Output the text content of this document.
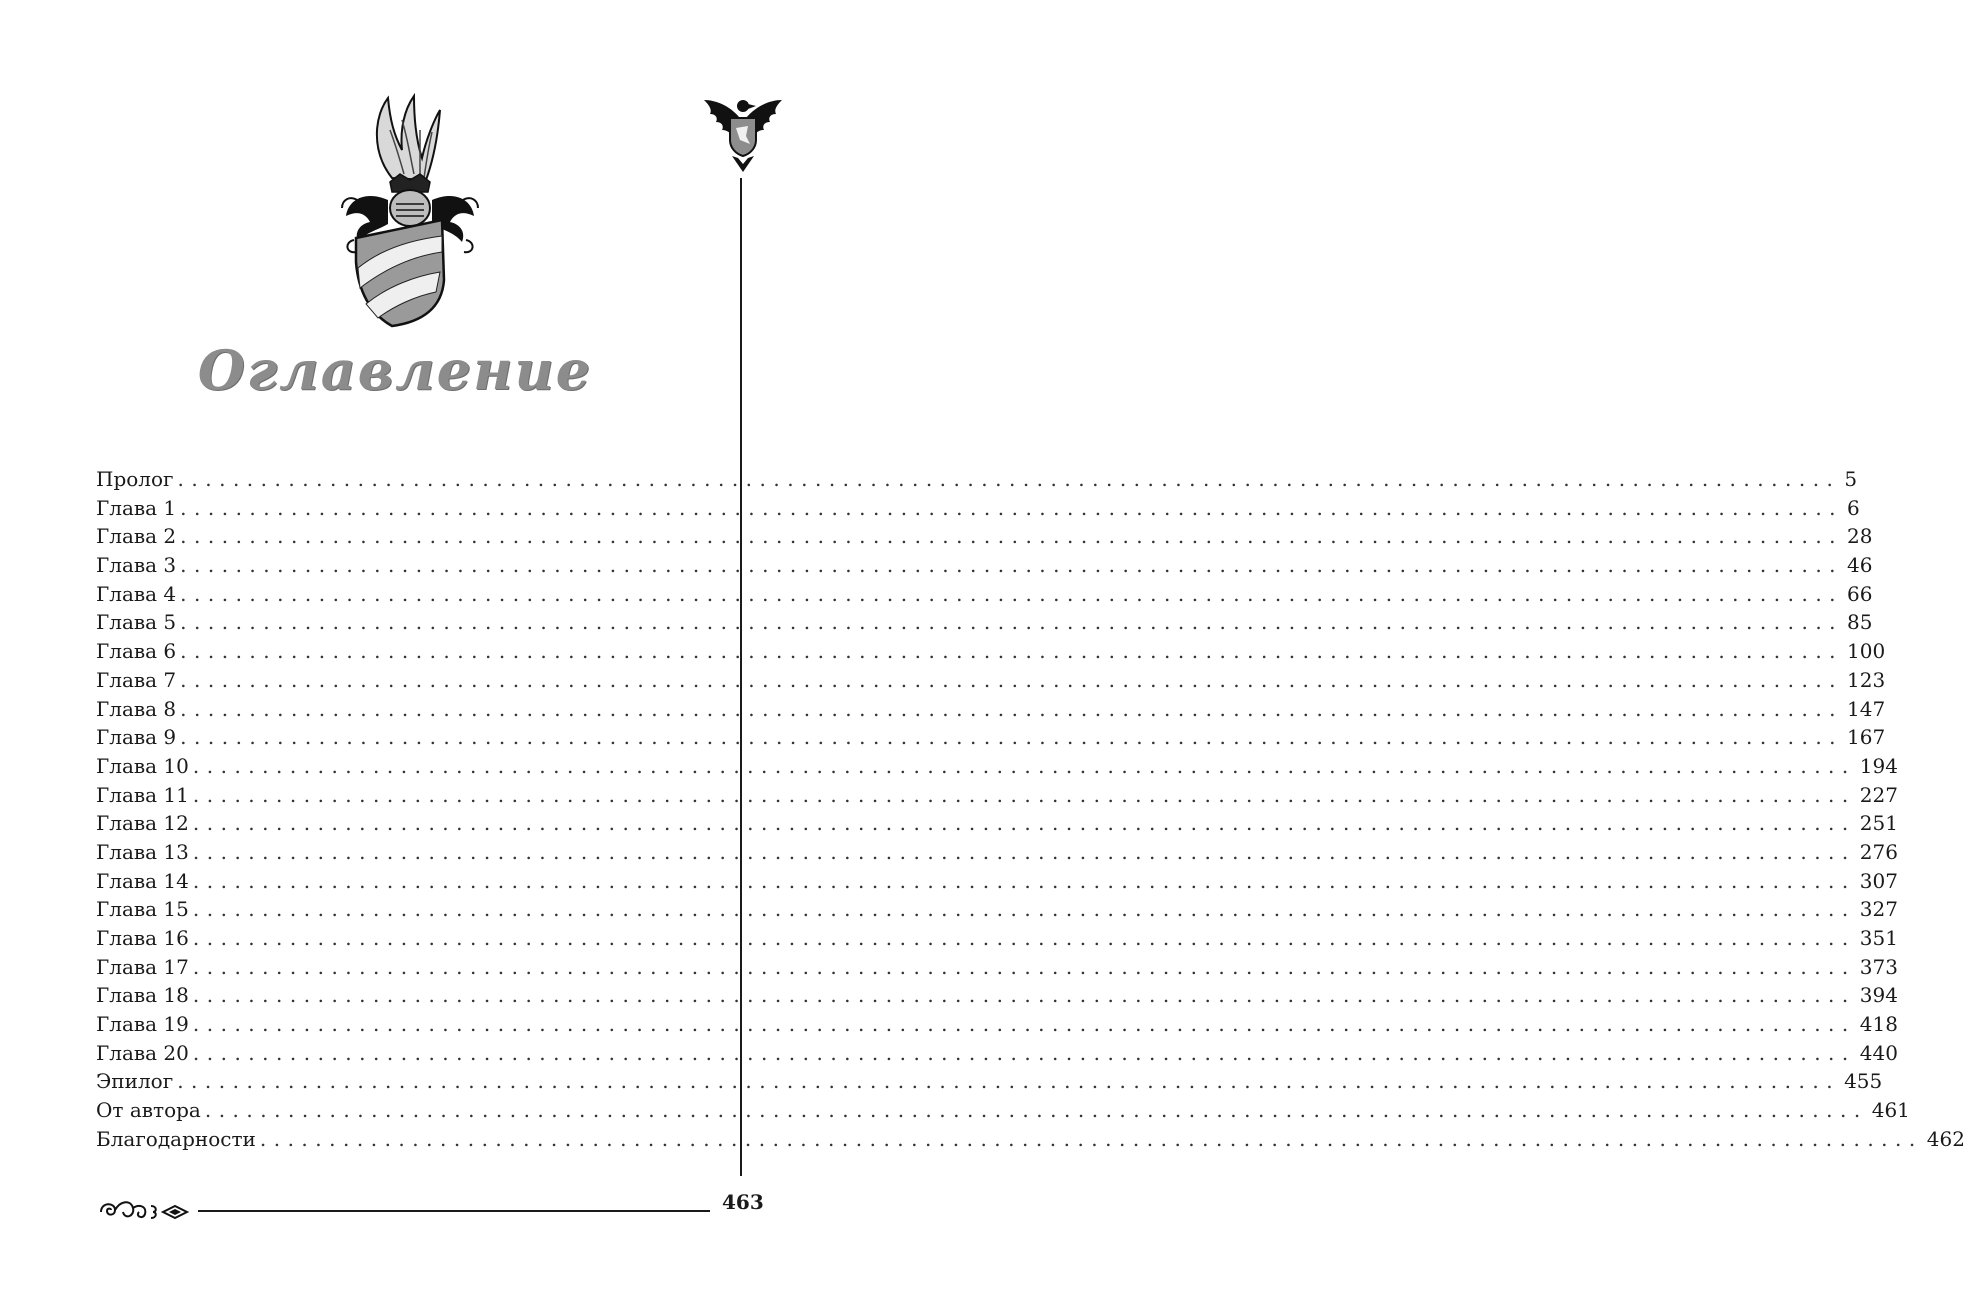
Оглавление
Пролог ........................................................................................................................ 5
Глава 1 ........................................................................................................................ 6
Глава 2 ........................................................................................................................ 28
Глава 3 ........................................................................................................................ 46
Глава 4 ........................................................................................................................ 66
Глава 5 ........................................................................................................................ 85
Глава 6 ........................................................................................................................ 100
Глава 7 ........................................................................................................................ 123
Глава 8 ........................................................................................................................ 147
Глава 9 ........................................................................................................................ 167
Глава 10 ........................................................................................................................ 194
Глава 11 ........................................................................................................................ 227
Глава 12 ........................................................................................................................ 251
Глава 13 ........................................................................................................................ 276
Глава 14 ........................................................................................................................ 307
Глава 15 ........................................................................................................................ 327
Глава 16 ........................................................................................................................ 351
Глава 17 ........................................................................................................................ 373
Глава 18 ........................................................................................................................ 394
Глава 19 ........................................................................................................................ 418
Глава 20 ........................................................................................................................ 440
Эпилог ........................................................................................................................ 455
От автора ........................................................................................................................ 461
Благодарности ........................................................................................................................ 462
463
